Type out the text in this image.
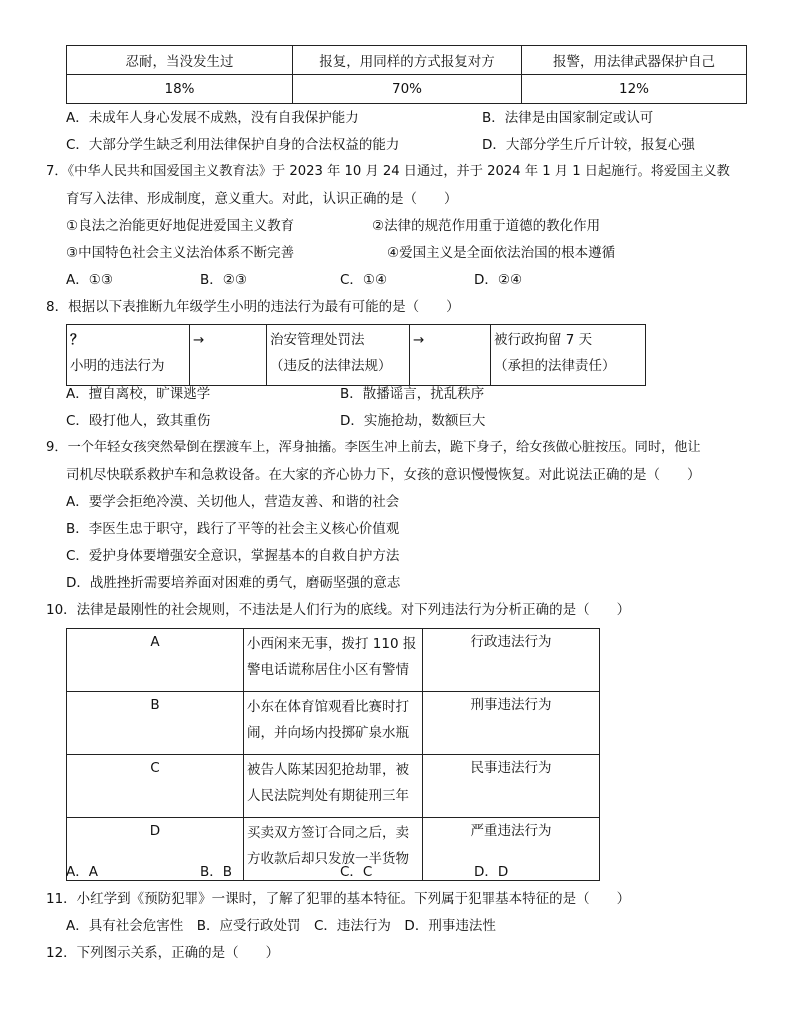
忍耐，当没发生过	报复，用同样的方式报复对方	报警，用法律武器保护自己
18%	70%	12%
A．未成年人身心发展不成熟，没有自我保护能力	B．法律是由国家制定或认可
C．大部分学生缺乏利用法律保护自身的合法权益的能力	D．大部分学生斤斤计较，报复心强
7．《中华人民共和国爱国主义教育法》于 2023 年 10 月 24 日通过，并于 2024 年 1 月 1 日起施行。将爱国主义教
育写入法律、形成制度，意义重大。对此，认识正确的是（　　）
①良法之治能更好地促进爱国主义教育	②法律的规范作用重于道德的教化作用
③中国特色社会主义法治体系不断完善	④爱国主义是全面依法治国的根本遵循
A．①③	B．②③	C．①④	D．②④
8．根据以下表推断九年级学生小明的违法行为最有可能的是（　　）
？
小明的违法行为
	→	治安管理处罚法
（违反的法律法规）
	→	被行政拘留 7 天
（承担的法律责任）
A．擅自离校，旷课逃学	B．散播谣言，扰乱秩序
C．殴打他人，致其重伤	D．实施抢劫，数额巨大
9．一个年轻女孩突然晕倒在摆渡车上，浑身抽搐。李医生冲上前去，跪下身子，给女孩做心脏按压。同时，他让
司机尽快联系救护车和急救设备。在大家的齐心协力下，女孩的意识慢慢恢复。对此说法正确的是（　　）
A．要学会拒绝冷漠、关切他人，营造友善、和谐的社会
B．李医生忠于职守，践行了平等的社会主义核心价值观
C．爱护身体要增强安全意识，掌握基本的自救自护方法
D．战胜挫折需要培养面对困难的勇气，磨砺坚强的意志
10．法律是最刚性的社会规则，不违法是人们行为的底线。对下列违法行为分析正确的是（　　）
A	小西闲来无事，拨打 110 报
警电话谎称居住小区有警情	行政违法行为
B	小东在体育馆观看比赛时打
闹，并向场内投掷矿泉水瓶	刑事违法行为
C	被告人陈某因犯抢劫罪，被
人民法院判处有期徒刑三年	民事违法行为
D	买卖双方签订合同之后，卖
方收款后却只发放一半货物	严重违法行为
A．A	B．B	C．C	D．D
11．小红学到《预防犯罪》一课时，了解了犯罪的基本特征。下列属于犯罪基本特征的是（　　）
A．具有社会危害性　B．应受行政处罚　C．违法行为　D．刑事违法性
12．下列图示关系，正确的是（　　）
